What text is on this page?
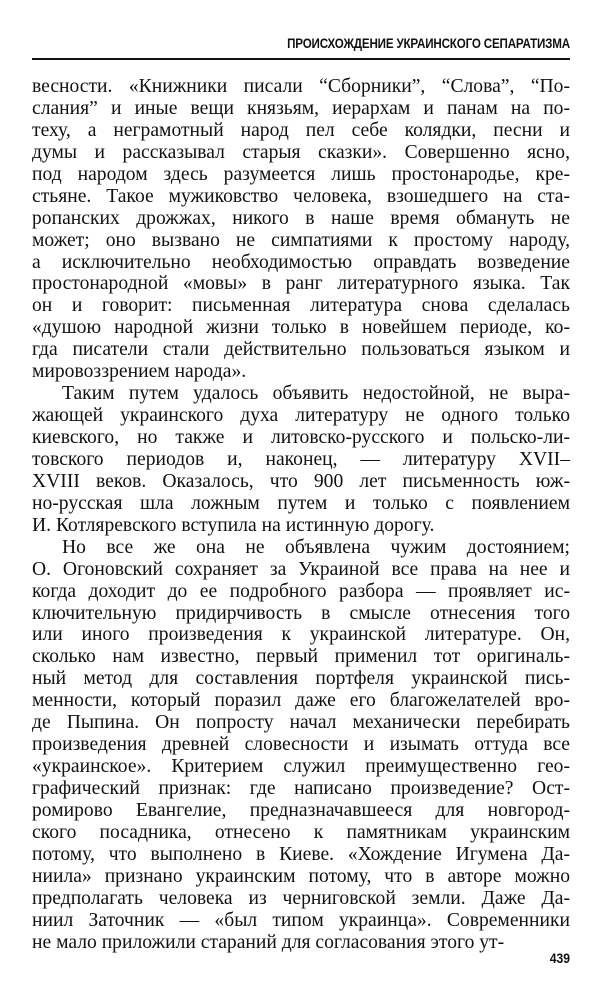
ПРОИСХОЖДЕНИЕ УКРАИНСКОГО СЕПАРАТИЗМА
весности. «Книжники писали “Сборники”, “Слова”, “По-
слания” и иные вещи князьям, иерархам и панам на по-
теху, а неграмотный народ пел себе колядки, песни и
думы и рассказывал старыя сказки». Совершенно ясно,
под народом здесь разумеется лишь простонародье, кре-
стьяне. Такое мужиковство человека, взошедшего на ста-
ропанских дрожжах, никого в наше время обмануть не
может; оно вызвано не симпатиями к простому народу,
а исключительно необходимостью оправдать возведение
простонародной «мовы» в ранг литературного языка. Так
он и говорит: письменная литература снова сделалась
«душою народной жизни только в новейшем периоде, ко-
гда писатели стали действительно пользоваться языком и
мировоззрением народа».
Таким путем удалось объявить недостойной, не выра-
жающей украинского духа литературу не одного только
киевского, но также и литовско-русского и польско-ли-
товского периодов и, наконец, — литературу XVII–
XVIII веков. Оказалось, что 900 лет письменность юж-
но-русская шла ложным путем и только с появлением
И. Котляревского вступила на истинную дорогу.
Но все же она не объявлена чужим достоянием;
О. Огоновский сохраняет за Украиной все права на нее и
когда доходит до ее подробного разбора — проявляет ис-
ключительную придирчивость в смысле отнесения того
или иного произведения к украинской литературе. Он,
сколько нам известно, первый применил тот оригиналь-
ный метод для составления портфеля украинской пись-
менности, который поразил даже его благожелателей вро-
де Пыпина. Он попросту начал механически перебирать
произведения древней словесности и изымать оттуда все
«украинское». Критерием служил преимущественно гео-
графический признак: где написано произведение? Ост-
ромирово Евангелие, предназначавшееся для новгород-
ского посадника, отнесено к памятникам украинским
потому, что выполнено в Киеве. «Хождение Игумена Да-
ниила» признано украинским потому, что в авторе можно
предполагать человека из черниговской земли. Даже Да-
ниил Заточник — «был типом украинца». Современники
не мало приложили стараний для согласования этого ут-
439
